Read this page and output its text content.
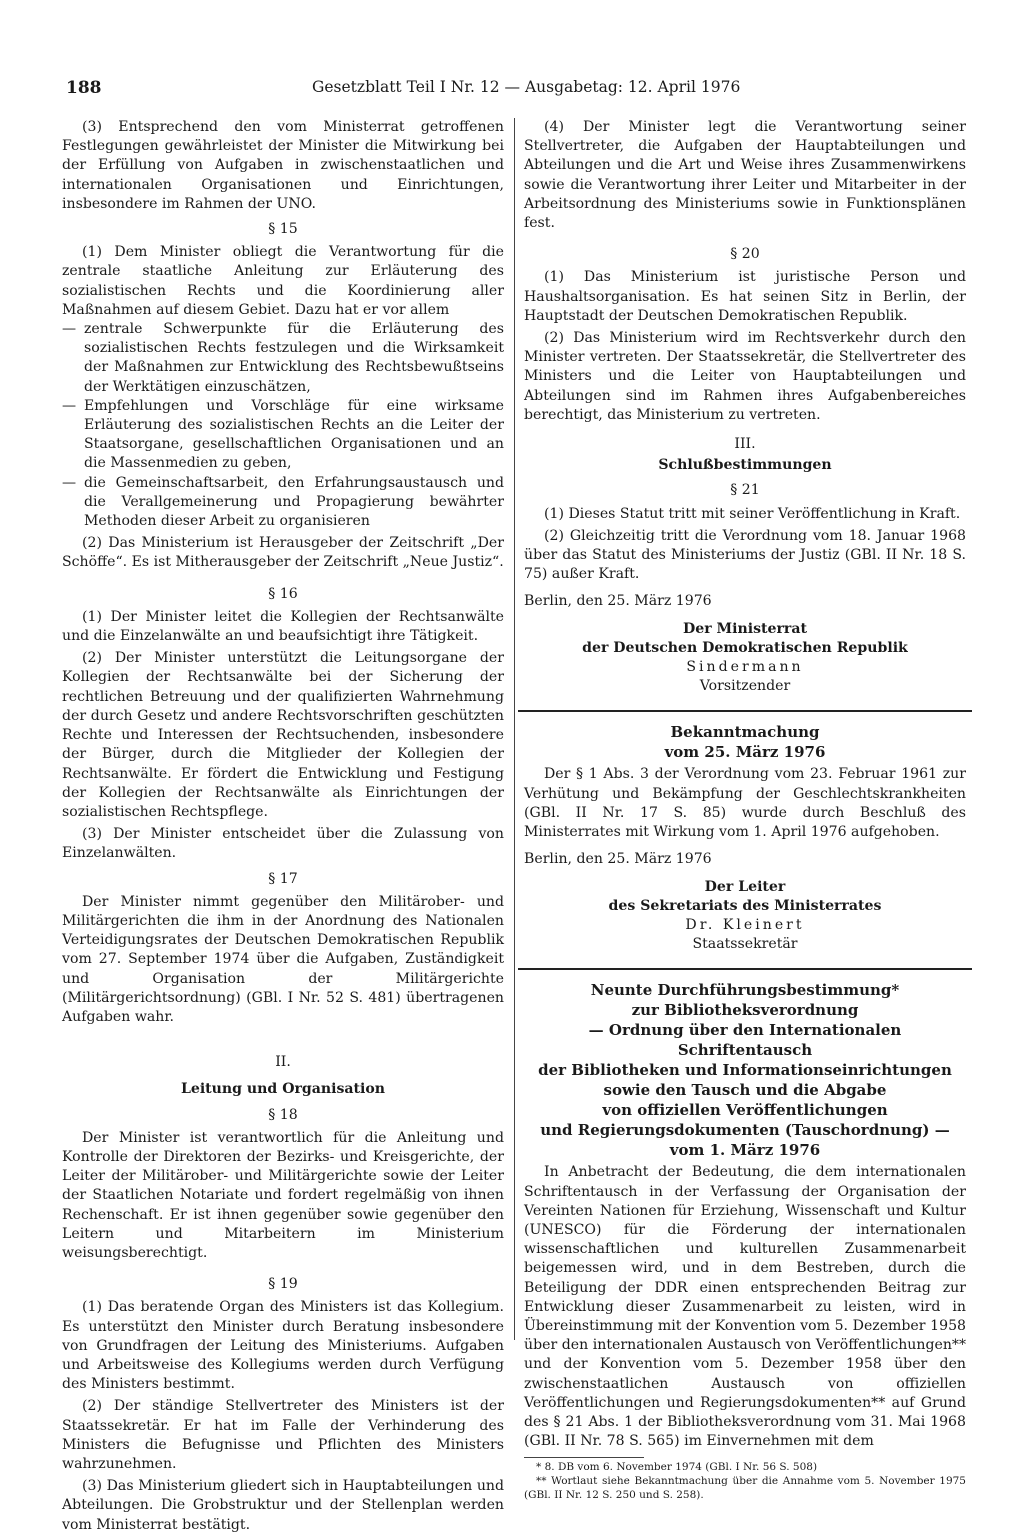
188	Gesetzblatt Teil I Nr. 12 — Ausgabetag: 12. April 1976

(3) Entsprechend den vom Ministerrat getroffenen Festlegungen gewährleistet der Minister die Mitwirkung bei der Erfüllung von Aufgaben in zwischenstaatlichen und internationalen Organisationen und Einrichtungen, insbesondere im Rahmen der UNO.

§ 15

(1) Dem Minister obliegt die Verantwortung für die zentrale staatliche Anleitung zur Erläuterung des sozialistischen Rechts und die Koordinierung aller Maßnahmen auf diesem Gebiet. Dazu hat er vor allem

— zentrale Schwerpunkte für die Erläuterung des sozialistischen Rechts festzulegen und die Wirksamkeit der Maßnahmen zur Entwicklung des Rechtsbewußtseins der Werktätigen einzuschätzen,
— Empfehlungen und Vorschläge für eine wirksame Erläuterung des sozialistischen Rechts an die Leiter der Staatsorgane, gesellschaftlichen Organisationen und an die Massenmedien zu geben,
— die Gemeinschaftsarbeit, den Erfahrungsaustausch und die Verallgemeinerung und Propagierung bewährter Methoden dieser Arbeit zu organisieren

(2) Das Ministerium ist Herausgeber der Zeitschrift „Der Schöffe“. Es ist Mitherausgeber der Zeitschrift „Neue Justiz“.

§ 16

(1) Der Minister leitet die Kollegien der Rechtsanwälte und die Einzelanwälte an und beaufsichtigt ihre Tätigkeit.

(2) Der Minister unterstützt die Leitungsorgane der Kollegien der Rechtsanwälte bei der Sicherung der rechtlichen Betreuung und der qualifizierten Wahrnehmung der durch Gesetz und andere Rechtsvorschriften geschützten Rechte und Interessen der Rechtsuchenden, insbesondere der Bürger, durch die Mitglieder der Kollegien der Rechtsanwälte. Er fördert die Entwicklung und Festigung der Kollegien der Rechtsanwälte als Einrichtungen der sozialistischen Rechtspflege.

(3) Der Minister entscheidet über die Zulassung von Einzelanwälten.

§ 17

Der Minister nimmt gegenüber den Militärober- und Militärgerichten die ihm in der Anordnung des Nationalen Verteidigungsrates der Deutschen Demokratischen Republik vom 27. September 1974 über die Aufgaben, Zuständigkeit und Organisation der Militärgerichte (Militärgerichtsordnung) (GBl. I Nr. 52 S. 481) übertragenen Aufgaben wahr.

II.

Leitung und Organisation

§ 18

Der Minister ist verantwortlich für die Anleitung und Kontrolle der Direktoren der Bezirks- und Kreisgerichte, der Leiter der Militärober- und Militärgerichte sowie der Leiter der Staatlichen Notariate und fordert regelmäßig von ihnen Rechenschaft. Er ist ihnen gegenüber sowie gegenüber den Leitern und Mitarbeitern im Ministerium weisungsberechtigt.

§ 19

(1) Das beratende Organ des Ministers ist das Kollegium. Es unterstützt den Minister durch Beratung insbesondere von Grundfragen der Leitung des Ministeriums. Aufgaben und Arbeitsweise des Kollegiums werden durch Verfügung des Ministers bestimmt.

(2) Der ständige Stellvertreter des Ministers ist der Staatssekretär. Er hat im Falle der Verhinderung des Ministers die Befugnisse und Pflichten des Ministers wahrzunehmen.

(3) Das Ministerium gliedert sich in Hauptabteilungen und Abteilungen. Die Grobstruktur und der Stellenplan werden vom Ministerrat bestätigt.

(4) Der Minister legt die Verantwortung seiner Stellvertreter, die Aufgaben der Hauptabteilungen und Abteilungen und die Art und Weise ihres Zusammenwirkens sowie die Verantwortung ihrer Leiter und Mitarbeiter in der Arbeitsordnung des Ministeriums sowie in Funktionsplänen fest.

§ 20

(1) Das Ministerium ist juristische Person und Haushaltsorganisation. Es hat seinen Sitz in Berlin, der Hauptstadt der Deutschen Demokratischen Republik.

(2) Das Ministerium wird im Rechtsverkehr durch den Minister vertreten. Der Staatssekretär, die Stellvertreter des Ministers und die Leiter von Hauptabteilungen und Abteilungen sind im Rahmen ihres Aufgabenbereiches berechtigt, das Ministerium zu vertreten.

III.

Schlußbestimmungen

§ 21

(1) Dieses Statut tritt mit seiner Veröffentlichung in Kraft.

(2) Gleichzeitig tritt die Verordnung vom 18. Januar 1968 über das Statut des Ministeriums der Justiz (GBl. II Nr. 18 S. 75) außer Kraft.

Berlin, den 25. März 1976

Der Ministerrat

der Deutschen Demokratischen Republik

Sindermann

Vorsitzender

Bekanntmachung

vom 25. März 1976

Der § 1 Abs. 3 der Verordnung vom 23. Februar 1961 zur Verhütung und Bekämpfung der Geschlechtskrankheiten (GBl. II Nr. 17 S. 85) wurde durch Beschluß des Ministerrates mit Wirkung vom 1. April 1976 aufgehoben.

Berlin, den 25. März 1976

Der Leiter

des Sekretariats des Ministerrates

Dr. Kleinert

Staatssekretär

Neunte Durchführungsbestimmung*

zur Bibliotheksverordnung

— Ordnung über den Internationalen Schriftentausch

der Bibliotheken und Informationseinrichtungen

sowie den Tausch und die Abgabe

von offiziellen Veröffentlichungen

und Regierungsdokumenten (Tauschordnung) —

vom 1. März 1976

In Anbetracht der Bedeutung, die dem internationalen Schriftentausch in der Verfassung der Organisation der Vereinten Nationen für Erziehung, Wissenschaft und Kultur (UNESCO) für die Förderung der internationalen wissenschaftlichen und kulturellen Zusammenarbeit beigemessen wird, und in dem Bestreben, durch die Beteiligung der DDR einen entsprechenden Beitrag zur Entwicklung dieser Zusammenarbeit zu leisten, wird in Übereinstimmung mit der Konvention vom 5. Dezember 1958 über den internationalen Austausch von Veröffentlichungen** und der Konvention vom 5. Dezember 1958 über den zwischenstaatlichen Austausch von offiziellen Veröffentlichungen und Regierungsdokumenten** auf Grund des § 21 Abs. 1 der Bibliotheksverordnung vom 31. Mai 1968 (GBl. II Nr. 78 S. 565) im Einvernehmen mit dem

* 8. DB vom 6. November 1974 (GBl. I Nr. 56 S. 508)

** Wortlaut siehe Bekanntmachung über die Annahme vom 5. November 1975 (GBl. II Nr. 12 S. 250 und S. 258).
